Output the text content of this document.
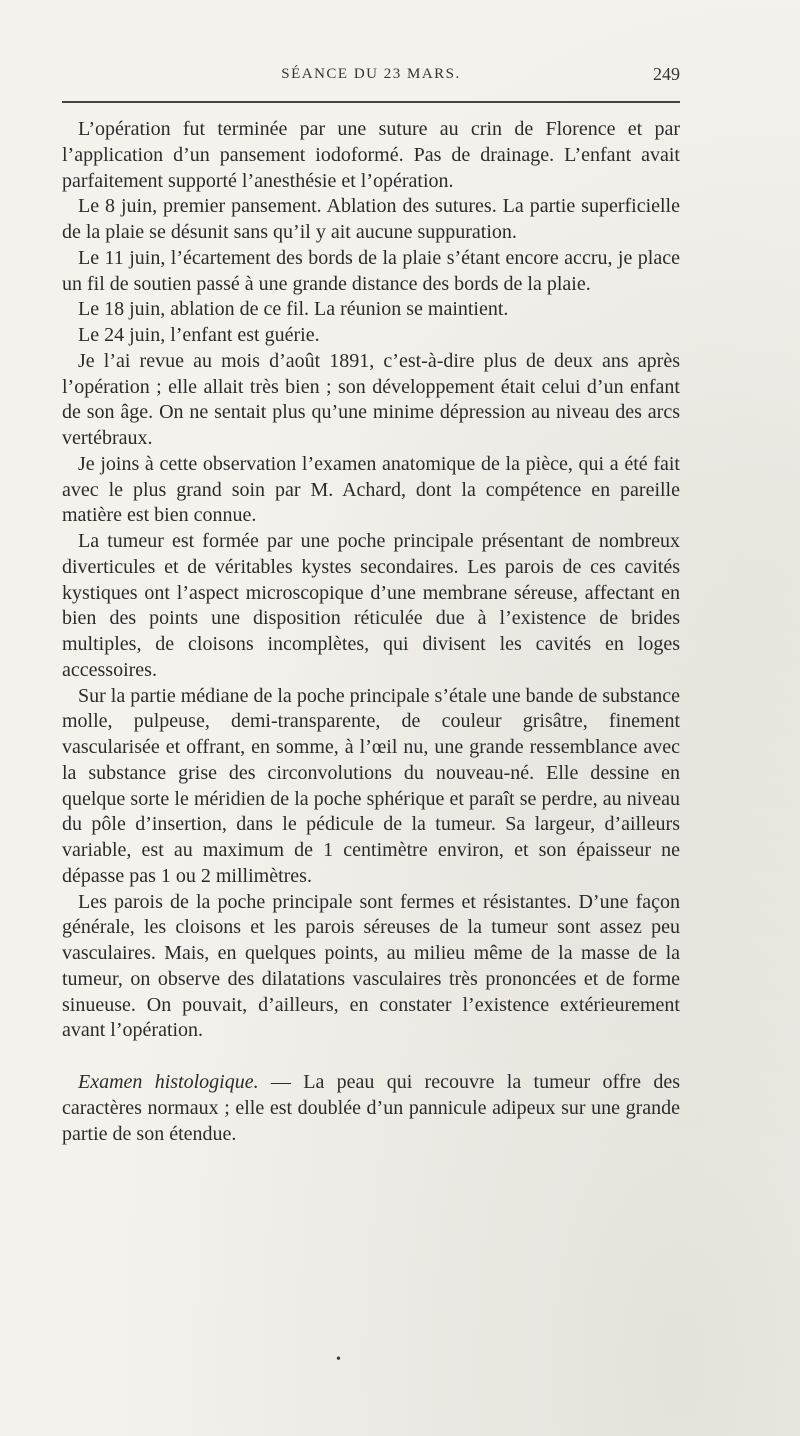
SÉANCE DU 23 MARS.	249

L’opération fut terminée par une suture au crin de Florence et par l’application d’un pansement iodoformé. Pas de drainage. L’enfant avait parfaitement supporté l’anesthésie et l’opération.

Le 8 juin, premier pansement. Ablation des sutures. La partie superficielle de la plaie se désunit sans qu’il y ait aucune suppuration.

Le 11 juin, l’écartement des bords de la plaie s’étant encore accru, je place un fil de soutien passé à une grande distance des bords de la plaie.

Le 18 juin, ablation de ce fil. La réunion se maintient.

Le 24 juin, l’enfant est guérie.

Je l’ai revue au mois d’août 1891, c’est-à-dire plus de deux ans après l’opération ; elle allait très bien ; son développement était celui d’un enfant de son âge. On ne sentait plus qu’une minime dépression au niveau des arcs vertébraux.

Je joins à cette observation l’examen anatomique de la pièce, qui a été fait avec le plus grand soin par M. Achard, dont la compétence en pareille matière est bien connue.

La tumeur est formée par une poche principale présentant de nombreux diverticules et de véritables kystes secondaires. Les parois de ces cavités kystiques ont l’aspect microscopique d’une membrane séreuse, affectant en bien des points une disposition réticulée due à l’existence de brides multiples, de cloisons incomplètes, qui divisent les cavités en loges accessoires.

Sur la partie médiane de la poche principale s’étale une bande de substance molle, pulpeuse, demi-transparente, de couleur grisâtre, finement vascularisée et offrant, en somme, à l’œil nu, une grande ressemblance avec la substance grise des circonvolutions du nouveau-né. Elle dessine en quelque sorte le méridien de la poche sphérique et paraît se perdre, au niveau du pôle d’insertion, dans le pédicule de la tumeur. Sa largeur, d’ailleurs variable, est au maximum de 1 centimètre environ, et son épaisseur ne dépasse pas 1 ou 2 millimètres.

Les parois de la poche principale sont fermes et résistantes. D’une façon générale, les cloisons et les parois séreuses de la tumeur sont assez peu vasculaires. Mais, en quelques points, au milieu même de la masse de la tumeur, on observe des dilatations vasculaires très prononcées et de forme sinueuse. On pouvait, d’ailleurs, en constater l’existence extérieurement avant l’opération.

Examen histologique. — La peau qui recouvre la tumeur offre des caractères normaux ; elle est doublée d’un pannicule adipeux sur une grande partie de son étendue.

•
